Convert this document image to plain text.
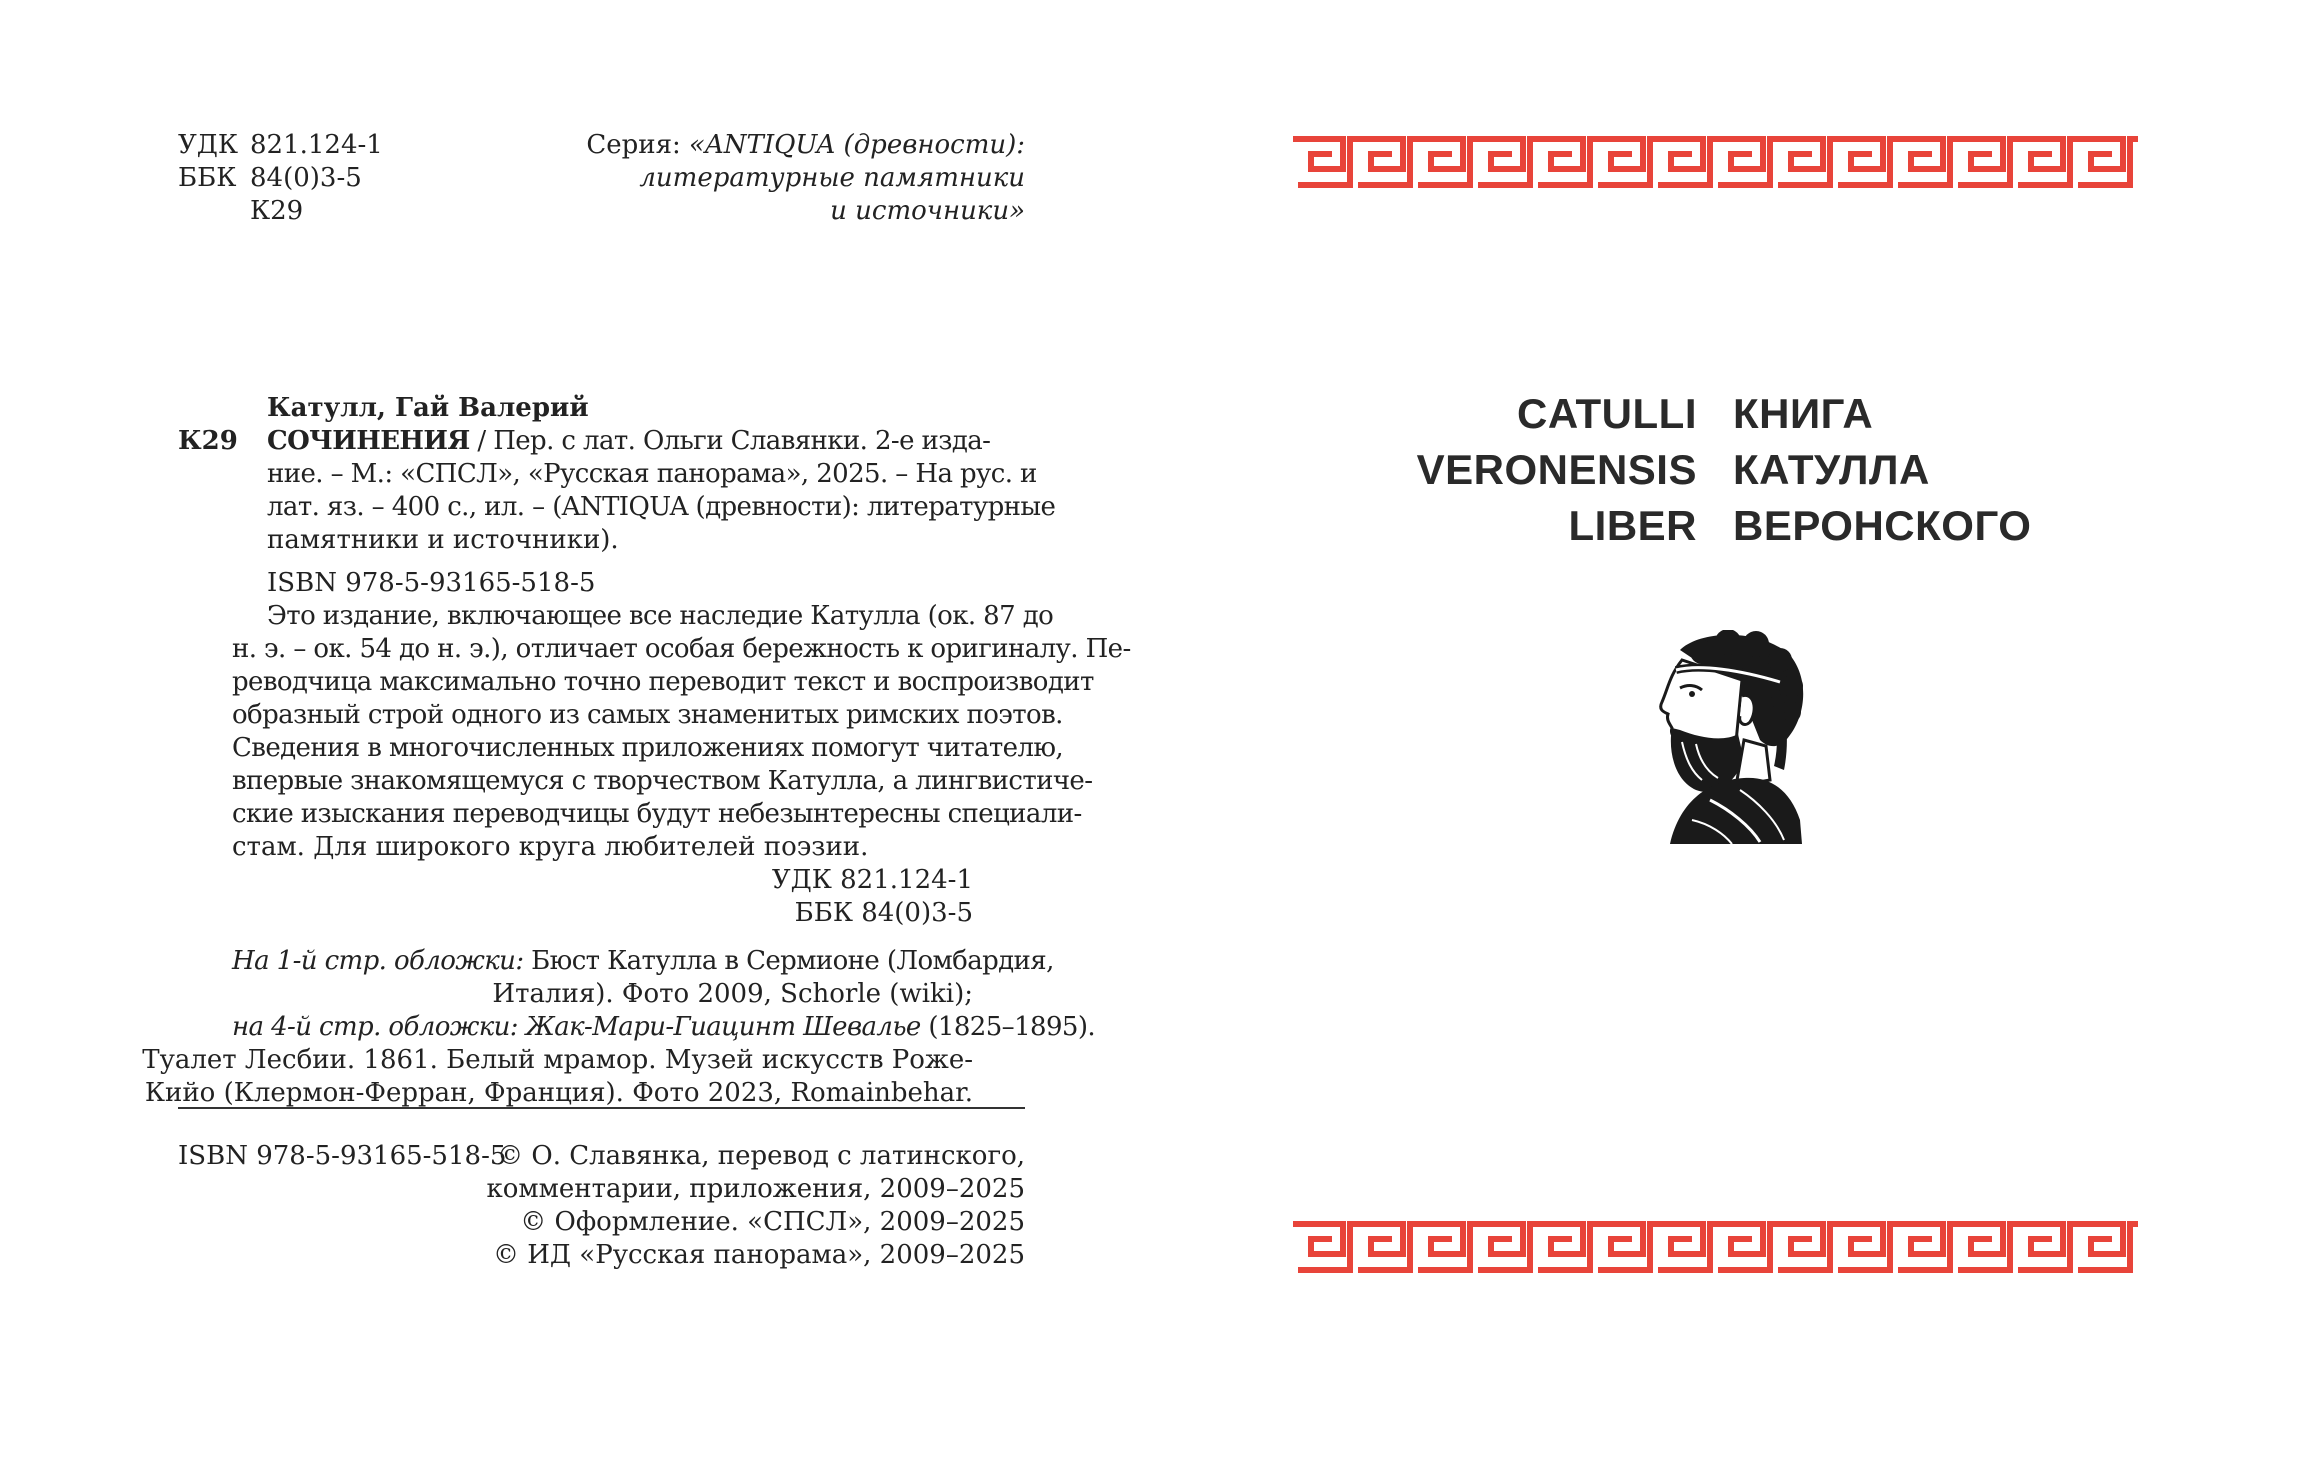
УДК 821.124-1
ББК 84(0)3-5
К29
Серия: «ANTIQUA (древности):
литературные памятники
и источники»
Катулл, Гай Валерий
К29 СОЧИНЕНИЯ / Пер. с лат. Ольги Славянки. 2-е изда-
ние. – М.: «СПСЛ», «Русская панорама», 2025. – На рус. и
лат. яз. – 400 с., ил. – (ANTIQUA (древности): литературные
памятники и источники).
ISBN 978-5-93165-518-5
Это издание, включающее все наследие Катулла (ок. 87 до
н. э. – ок. 54 до н. э.), отличает особая бережность к оригиналу. Пе-
реводчица максимально точно переводит текст и воспроизводит
образный строй одного из самых знаменитых римских поэтов.
Сведения в многочисленных приложениях помогут читателю,
впервые знакомящемуся с творчеством Катулла, а лингвистиче-
ские изыскания переводчицы будут небезынтересны специали-
стам. Для широкого круга любителей поэзии.
УДК 821.124-1
ББК 84(0)3-5
На 1-й стр. обложки: Бюст Катулла в Сермионе (Ломбардия,
Италия). Фото 2009, Schorle (wiki);
на 4-й стр. обложки: Жак-Мари-Гиацинт Шевалье (1825–1895).
Туалет Лесбии. 1861. Белый мрамор. Музей искусств Роже-
Кийо (Клермон-Ферран, Франция). Фото 2023, Romainbehar.
ISBN 978-5-93165-518-5
© О. Славянка, перевод с латинского,
комментарии, приложения, 2009–2025
© Оформление. «СПСЛ», 2009–2025
© ИД «Русская панорама», 2009–2025
CATULLI
VERONENSIS
LIBER
КНИГА
КАТУЛЛА
ВЕРОНСКОГО
